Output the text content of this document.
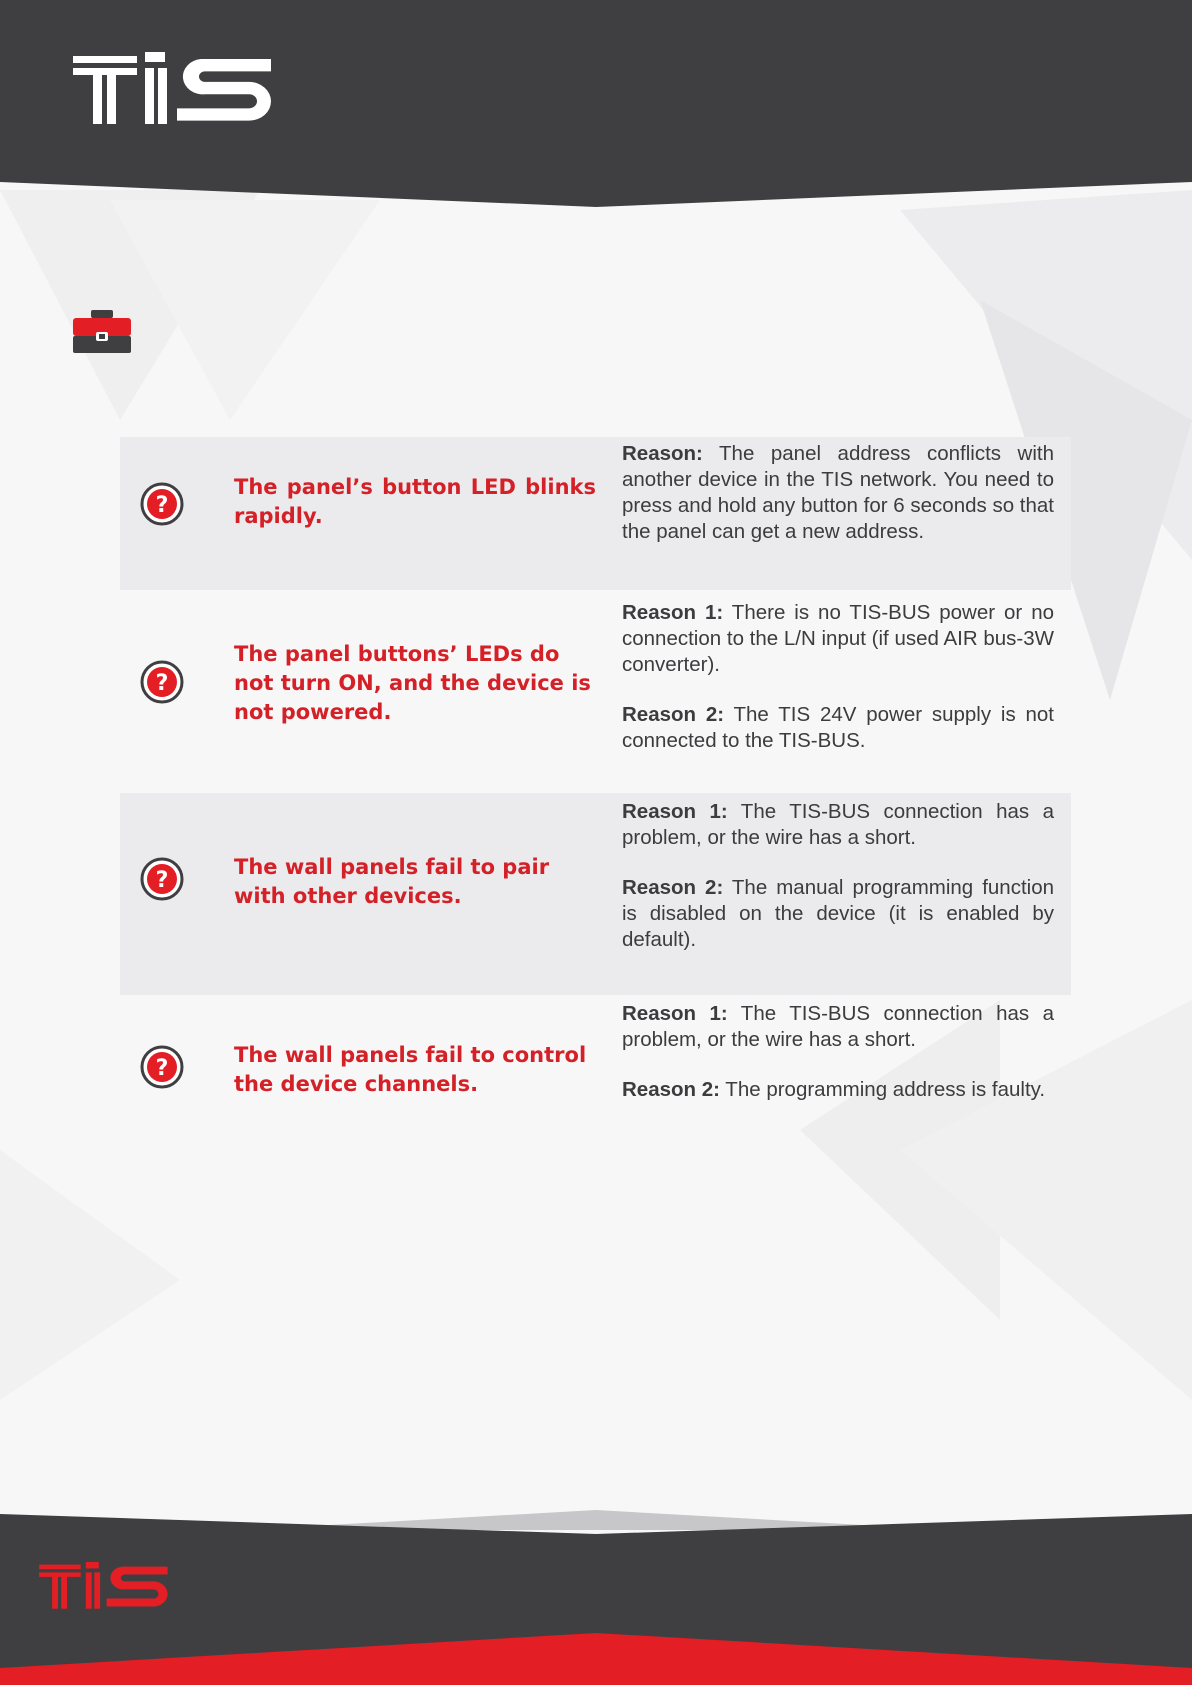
?
The panel’s button LED blinks rapidly.

Reason: The panel address conflicts with another device in the TIS network. You need to press and hold any button for 6 seconds so that the panel can get a new address.

?
The panel buttons’ LEDs do not turn ON, and the device is not powered.

Reason 1: There is no TIS-BUS power or no connection to the L/N input (if used AIR bus-3W converter).

Reason 2: The TIS 24V power supply is not connected to the TIS-BUS.

?
The wall panels fail to pair with other devices.

Reason 1: The TIS-BUS connection has a problem, or the wire has a short.

Reason 2: The manual programming function is disabled on the device (it is enabled by default).

?
The wall panels fail to control the device channels.

Reason 1: The TIS-BUS connection has a problem, or the wire has a short.

Reason 2: The programming address is faulty.
